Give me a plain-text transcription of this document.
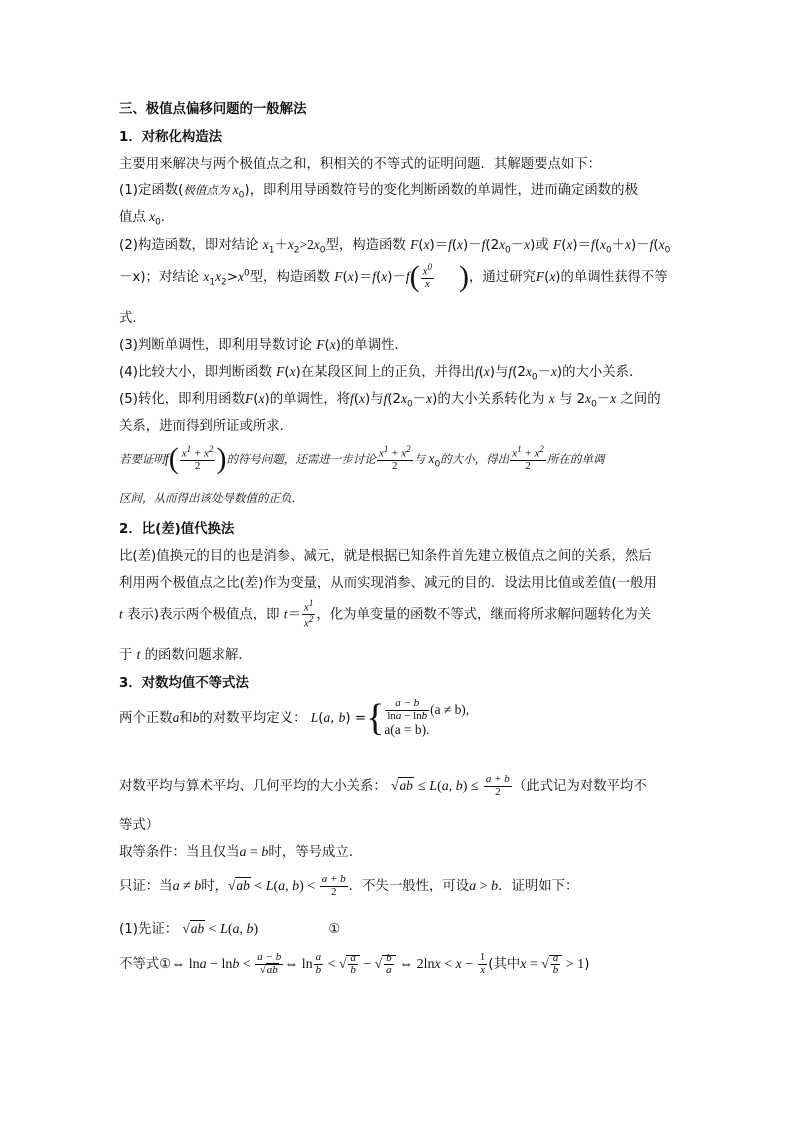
三、极值点偏移问题的一般解法
1．对称化构造法
主要用来解决与两个极值点之和，积相关的不等式的证明问题．其解题要点如下：
(1)定函数(极值点为 $x_0$)，即利用导函数符号的变化判断函数的单调性，进而确定函数的极
值点 $x_0$．
(2)构造函数，即对结论 $x_1+x_2>2x_0$型，构造函数 $F(x)=f(x)-f(2x_0-x)$或 $F(x)=f(x_0+x)-f(x_0$
－x)；对结论 $x_1x_2>x^0$型，构造函数 $F(x)=f(x)-f( \frac{x^0}{x}$ )，通过研究F(x)的单调性获得不等
式．
(3)判断单调性，即利用导数讨论 F(x)的单调性．
(4)比较大小，即判断函数 F(x)在某段区间上的正负，并得出f(x)与$f(2x_0-x)$的大小关系．
(5)转化，即利用函数F(x)的单调性，将f(x)与$f(2x_0-x)$的大小关系转化为 x 与 $2x_0-x$ 之间的
关系，进而得到所证或所求．
若要证明$f( \frac{x^1 + x^2}{2}$ )的符号问题，还需进一步讨论 $\frac{x^1 + x^2}{2}$ 与 $x_0$的大小，得出 $\frac{x^1 + x^2}{2}$ 所在的单调
区间，从而得出该处导数值的正负．
2．比(差)值代换法
比(差)值换元的目的也是消参、减元，就是根据已知条件首先建立极值点之间的关系，然后
利用两个极值点之比(差)作为变量，从而实现消参、减元的目的．设法用比值或差值(一般用
t 表示)表示两个极值点，即 $t= \frac{x^1}{x^2}$ ，化为单变量的函数不等式，继而将所求解问题转化为关
于 t 的函数问题求解．
3．对数均值不等式法
两个正数a和b的对数平均定义： L(a, b) ={ $\frac{a - b}{\ln a - \ln b} (a \ne b)$,
a(a = b).
对数平均与算术平均、几何平均的大小关系： √ab ≤ L(a, $b) \le \frac{a + b}{2}$ （此式记为对数平均不
等式）
取等条件：当且仅当a = b时，等号成立．
只证：当a ≠ b时，√ab < L(a, $b) < \frac{a + b}{2}$ ．不失一般性，可设a > b．证明如下：
(1)先证： √ab < L(a, b)	①
不等式①⇔ $\ln a - \ln b < \frac{a - b}{√ab}$ ⇔ $\ln \frac{a}{b}$ < √ $\frac{a}{b}$ − √ $\frac{b}{a}$ ⇔ $2\ln x < x - \frac{1}{x}$ (其中x = √ $\frac{a}{b} > 1$)
